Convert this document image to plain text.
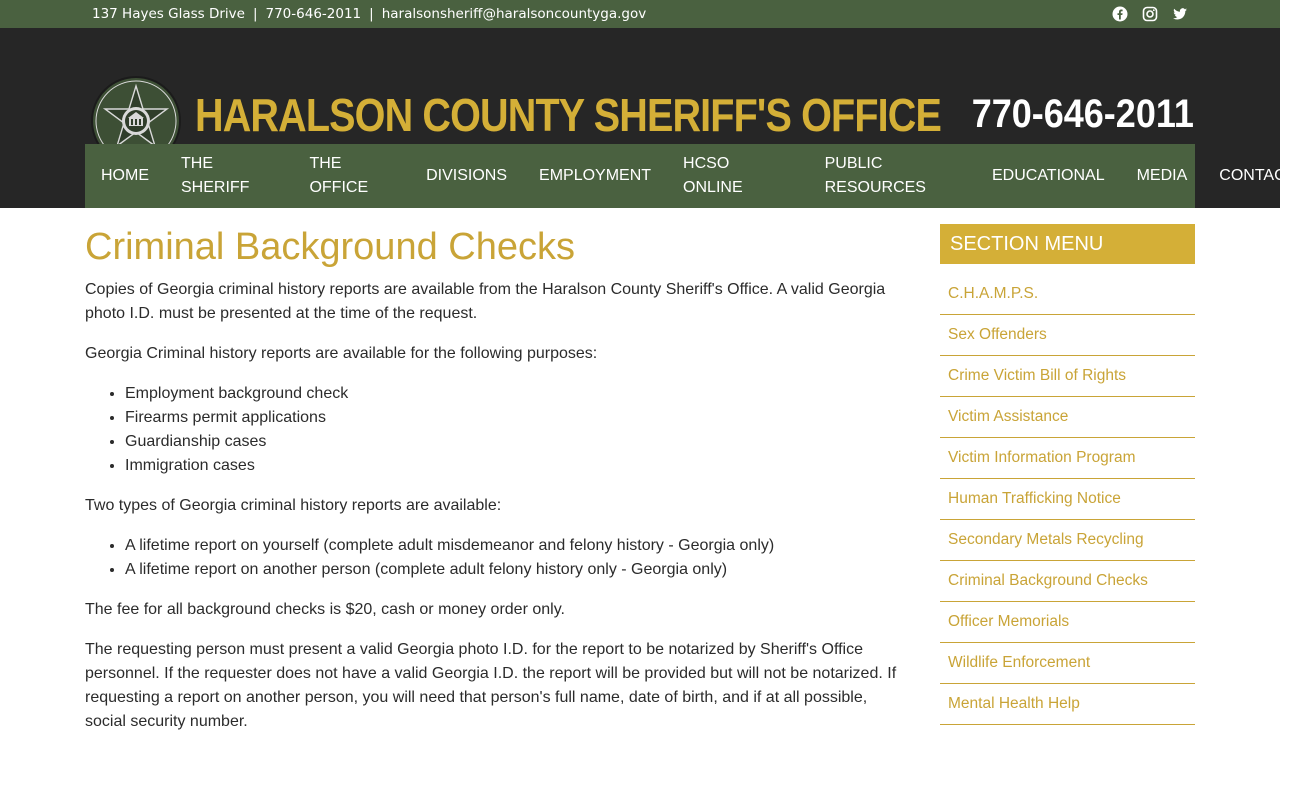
137 Hayes Glass Drive | 770-646-2011 | haralsonsheriff@haralsoncountyga.gov
HARALSON COUNTY SHERIFF'S OFFICE 770-646-2011
HOME
THE
SHERIFF
THE
OFFICE
DIVISIONS	EMPLOYMENT
HCSO
ONLINE
PUBLIC
RESOURCES
EDUCATIONAL	MEDIA	CONTACT
Criminal Background Checks

Copies of Georgia criminal history reports are available from the Haralson County Sheriff's Office. A valid Georgia photo I.D. must be presented at the time of the request.

Georgia Criminal history reports are available for the following purposes:

• Employment background check
• Firearms permit applications
• Guardianship cases
• Immigration cases

Two types of Georgia criminal history reports are available:

• A lifetime report on yourself (complete adult misdemeanor and felony history - Georgia only)
• A lifetime report on another person (complete adult felony history only - Georgia only)

The fee for all background checks is $20, cash or money order only.

The requesting person must present a valid Georgia photo I.D. for the report to be notarized by Sheriff's Office personnel. If the requester does not have a valid Georgia I.D. the report will be provided but will not be notarized. If requesting a report on another person, you will need that person's full name, date of birth, and if at all possible, social security number.

SECTION MENU
C.H.A.M.P.S.
Sex Offenders
Crime Victim Bill of Rights
Victim Assistance
Victim Information Program
Human Trafficking Notice
Secondary Metals Recycling
Criminal Background Checks
Officer Memorials
Wildlife Enforcement
Mental Health Help
